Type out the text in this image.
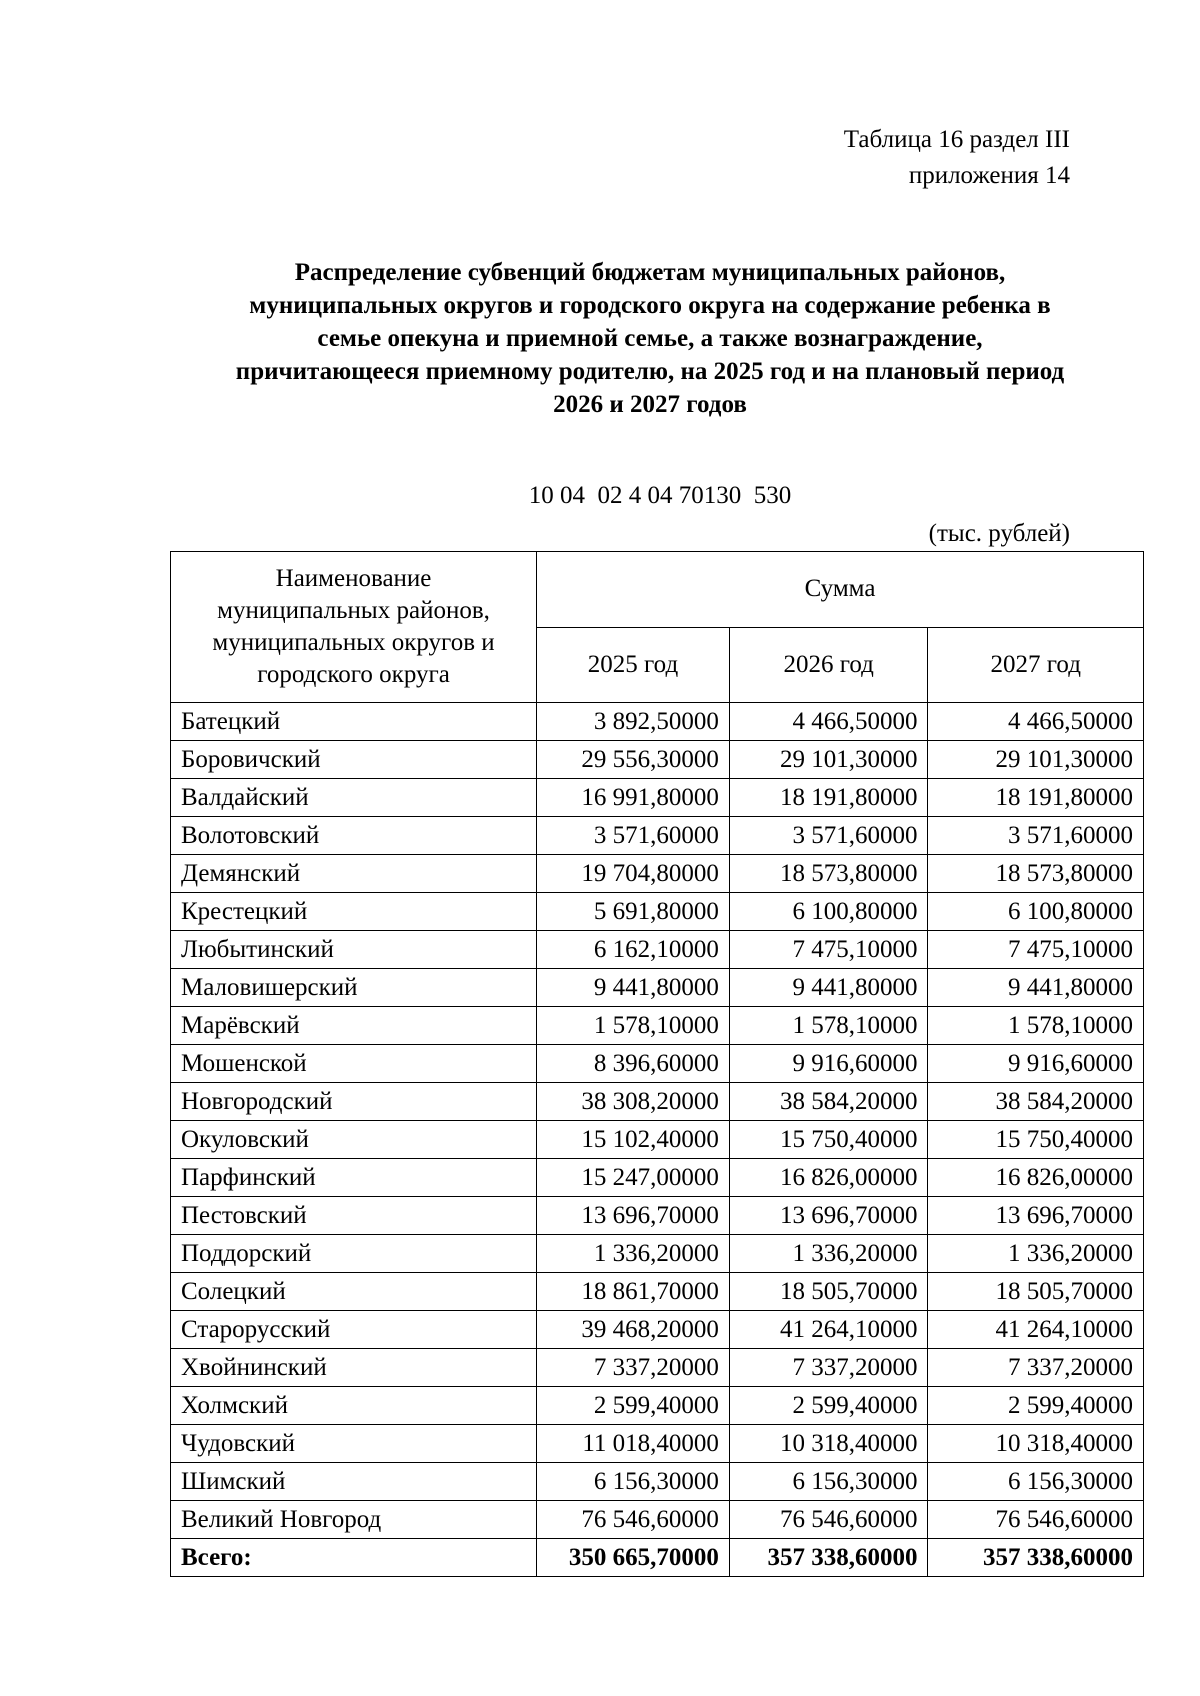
Таблица 16 раздел III
приложения 14
Распределение субвенций бюджетам муниципальных районов,
муниципальных округов и городского округа на содержание ребенка в
семье опекуна и приемной семье, а также вознаграждение,
причитающееся приемному родителю, на 2025 год и на плановый период
2026 и 2027 годов
10 04  02 4 04 70130  530
(тыс. рублей)
Наименование
муниципальных районов,
муниципальных округов и
городского округа	Сумма		
	2025 год	2026 год	2027 год
Батецкий	3 892,50000	4 466,50000	4 466,50000
Боровичский	29 556,30000	29 101,30000	29 101,30000
Валдайский	16 991,80000	18 191,80000	18 191,80000
Волотовский	3 571,60000	3 571,60000	3 571,60000
Демянский	19 704,80000	18 573,80000	18 573,80000
Крестецкий	5 691,80000	6 100,80000	6 100,80000
Любытинский	6 162,10000	7 475,10000	7 475,10000
Маловишерский	9 441,80000	9 441,80000	9 441,80000
Марёвский	1 578,10000	1 578,10000	1 578,10000
Мошенской	8 396,60000	9 916,60000	9 916,60000
Новгородский	38 308,20000	38 584,20000	38 584,20000
Окуловский	15 102,40000	15 750,40000	15 750,40000
Парфинский	15 247,00000	16 826,00000	16 826,00000
Пестовский	13 696,70000	13 696,70000	13 696,70000
Поддорский	1 336,20000	1 336,20000	1 336,20000
Солецкий	18 861,70000	18 505,70000	18 505,70000
Старорусский	39 468,20000	41 264,10000	41 264,10000
Хвойнинский	7 337,20000	7 337,20000	7 337,20000
Холмский	2 599,40000	2 599,40000	2 599,40000
Чудовский	11 018,40000	10 318,40000	10 318,40000
Шимский	6 156,30000	6 156,30000	6 156,30000
Великий Новгород	76 546,60000	76 546,60000	76 546,60000
Всего:	350 665,70000	357 338,60000	357 338,60000
